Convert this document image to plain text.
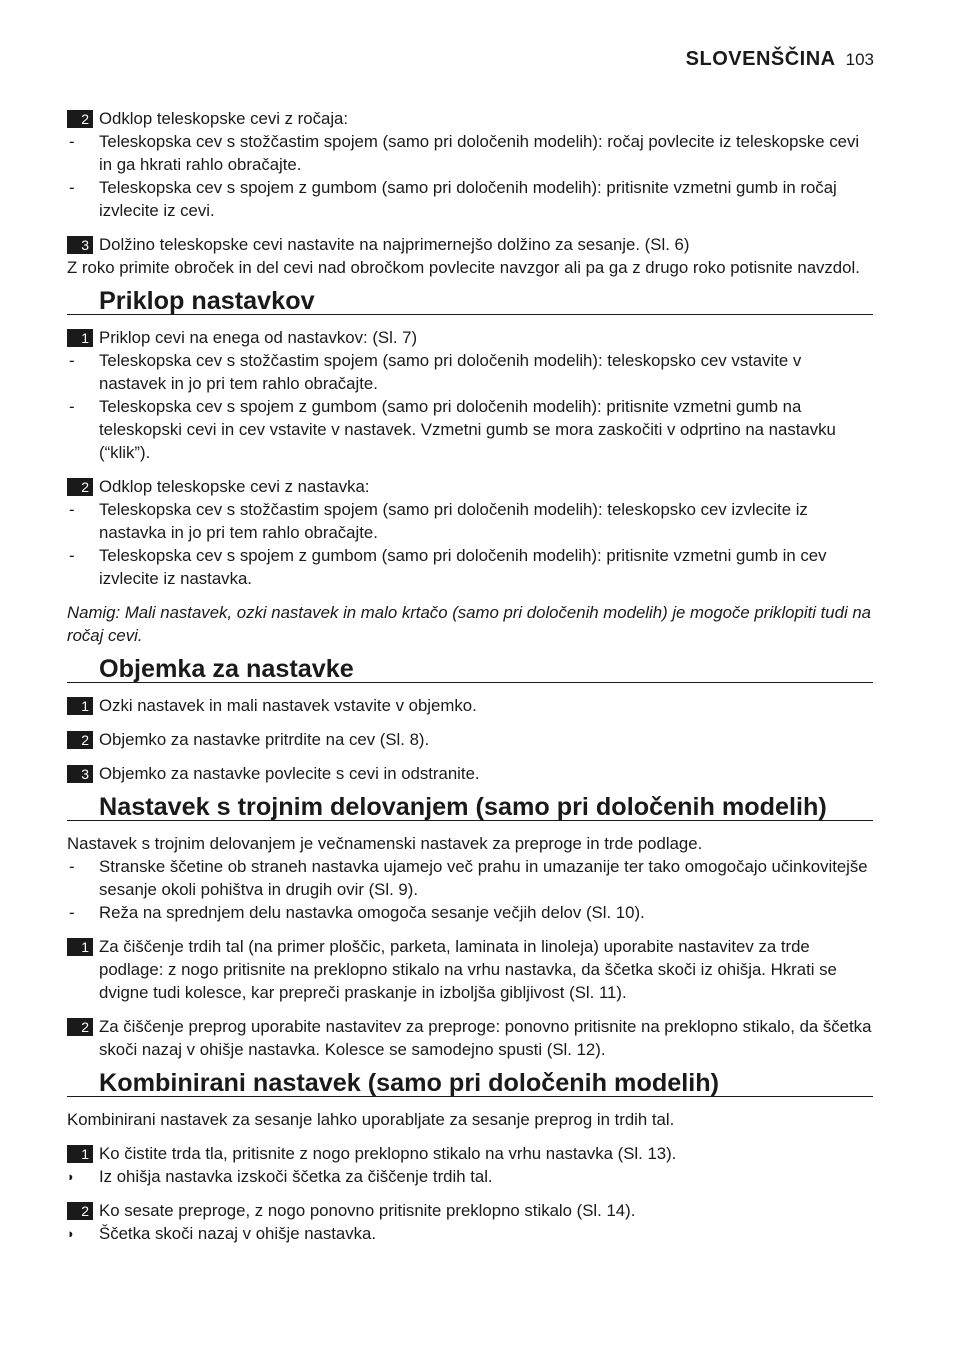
SLOVENŠČINA 103
2 Odklop teleskopske cevi z ročaja:

- Teleskopska cev s stožčastim spojem (samo pri določenih modelih): ročaj povlecite iz teleskopske cevi in ga hkrati rahlo obračajte.

- Teleskopska cev s spojem z gumbom (samo pri določenih modelih): pritisnite vzmetni gumb in ročaj izvlecite iz cevi.

3 Dolžino teleskopske cevi nastavite na najprimernejšo dolžino za sesanje. (Sl. 6)

Z roko primite obroček in del cevi nad obročkom povlecite navzgor ali pa ga z drugo roko potisnite navzdol.

Priklop nastavkov
1 Priklop cevi na enega od nastavkov: (Sl. 7)

- Teleskopska cev s stožčastim spojem (samo pri določenih modelih): teleskopsko cev vstavite v nastavek in jo pri tem rahlo obračajte.

- Teleskopska cev s spojem z gumbom (samo pri določenih modelih): pritisnite vzmetni gumb na teleskopski cevi in cev vstavite v nastavek. Vzmetni gumb se mora zaskočiti v odprtino na nastavku (“klik”).

2 Odklop teleskopske cevi z nastavka:

- Teleskopska cev s stožčastim spojem (samo pri določenih modelih): teleskopsko cev izvlecite iz nastavka in jo pri tem rahlo obračajte.

- Teleskopska cev s spojem z gumbom (samo pri določenih modelih): pritisnite vzmetni gumb in cev izvlecite iz nastavka.

Namig: Mali nastavek, ozki nastavek in malo krtačo (samo pri določenih modelih) je mogoče priklopiti tudi na ročaj cevi.

Objemka za nastavke
1 Ozki nastavek in mali nastavek vstavite v objemko.
2 Objemko za nastavke pritrdite na cev (Sl. 8).
3 Objemko za nastavke povlecite s cevi in odstranite.
Nastavek s trojnim delovanjem (samo pri določenih modelih)

Nastavek s trojnim delovanjem je večnamenski nastavek za preproge in trde podlage.

- Stranske ščetine ob straneh nastavka ujamejo več prahu in umazanije ter tako omogočajo učinkovitejše sesanje okoli pohištva in drugih ovir (Sl. 9).

- Reža na sprednjem delu nastavka omogoča sesanje večjih delov (Sl. 10).

1 Za čiščenje trdih tal (na primer ploščic, parketa, laminata in linoleja) uporabite nastavitev za trde podlage: z nogo pritisnite na preklopno stikalo na vrhu nastavka, da ščetka skoči iz ohišja. Hkrati se dvigne tudi kolesce, kar prepreči praskanje in izboljša gibljivost (Sl. 11).
2 Za čiščenje preprog uporabite nastavitev za preproge: ponovno pritisnite na preklopno stikalo, da ščetka skoči nazaj v ohišje nastavka. Kolesce se samodejno spusti (Sl. 12).
Kombinirani nastavek (samo pri določenih modelih)

Kombinirani nastavek za sesanje lahko uporabljate za sesanje preprog in trdih tal.

1 Ko čistite trda tla, pritisnite z nogo preklopno stikalo na vrhu nastavka (Sl. 13).
◗ Iz ohišja nastavka izskoči ščetka za čiščenje trdih tal.
2 Ko sesate preproge, z nogo ponovno pritisnite preklopno stikalo (Sl. 14).
◗ Ščetka skoči nazaj v ohišje nastavka.
